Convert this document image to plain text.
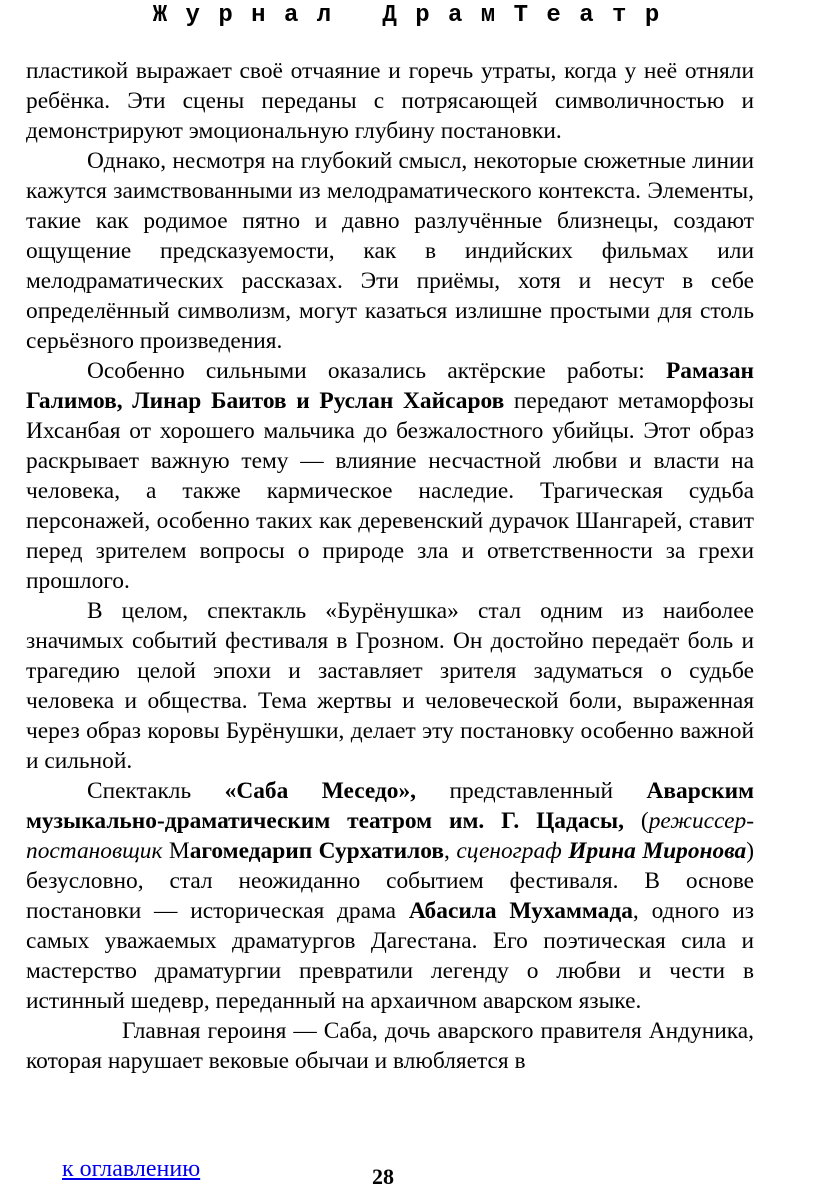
Ж у р н а л   Д р а м Т е а т р

пластикой выражает своё отчаяние и горечь утраты, когда у неё отняли ребёнка. Эти сцены переданы с потрясающей символичностью и демонстрируют эмоциональную глубину постановки.

Однако, несмотря на глубокий смысл, некоторые сюжетные линии кажутся заимствованными из мелодраматического контекста. Элементы, такие как родимое пятно и давно разлучённые близнецы, создают ощущение предсказуемости, как в индийских фильмах или мелодраматических рассказах. Эти приёмы, хотя и несут в себе определённый символизм, могут казаться излишне простыми для столь серьёзного произведения.

Особенно сильными оказались актёрские работы: Рамазан Галимов, Линар Баитов и Руслан Хайсаров передают метаморфозы Ихсанбая от хорошего мальчика до безжалостного убийцы. Этот образ раскрывает важную тему — влияние несчастной любви и власти на человека, а также кармическое наследие. Трагическая судьба персонажей, особенно таких как деревенский дурачок Шангарей, ставит перед зрителем вопросы о природе зла и ответственности за грехи прошлого.

В целом, спектакль «Бурёнушка» стал одним из наиболее значимых событий фестиваля в Грозном. Он достойно передаёт боль и трагедию целой эпохи и заставляет зрителя задуматься о судьбе человека и общества. Тема жертвы и человеческой боли, выраженная через образ коровы Бурёнушки, делает эту постановку особенно важной и сильной.

Спектакль «Саба Меседо», представленный Аварским музыкально-драматическим театром им. Г. Цадасы, (режиссер-постановщик Магомедарип Сурхатилов, сценограф Ирина Миронова) безусловно, стал неожиданно событием фестиваля. В основе постановки — историческая драма Абасила Мухаммада, одного из самых уважаемых драматургов Дагестана. Его поэтическая сила и мастерство драматургии превратили легенду о любви и чести в истинный шедевр, переданный на архаичном аварском языке.

Главная героиня — Саба, дочь аварского правителя Андуника, которая нарушает вековые обычаи и влюбляется в

к оглавлению	28
